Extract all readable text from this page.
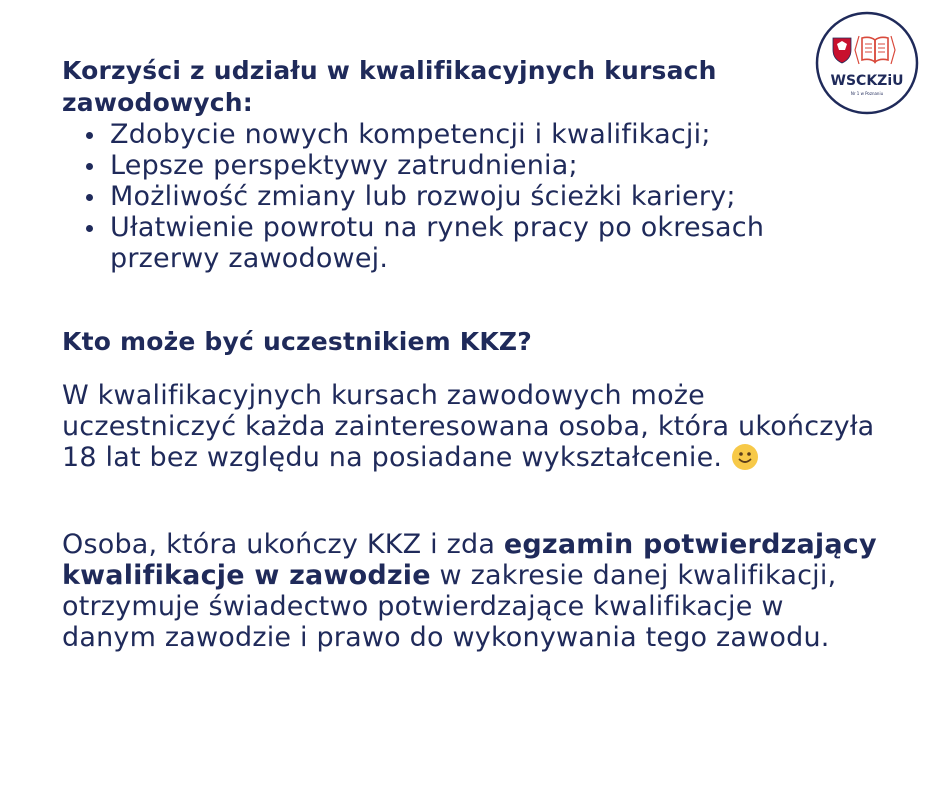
WSCKZiU
Nr 1 w Poznaniu
Korzyści z udziału w kwalifikacyjnych kursach zawodowych:
Zdobycie nowych kompetencji i kwalifikacji;
Lepsze perspektywy zatrudnienia;
Możliwość zmiany lub rozwoju ścieżki kariery;
Ułatwienie powrotu na rynek pracy po okresach przerwy zawodowej.
Kto może być uczestnikiem KKZ?

W kwalifikacyjnych kursach zawodowych może uczestniczyć każda zainteresowana osoba, która ukończyła 18 lat bez względu na posiadane wykształcenie.

Osoba, która ukończy KKZ i zda egzamin potwierdzający kwalifikacje w zawodzie w zakresie danej kwalifikacji, otrzymuje świadectwo potwierdzające kwalifikacje w danym zawodzie i prawo do wykonywania tego zawodu.
